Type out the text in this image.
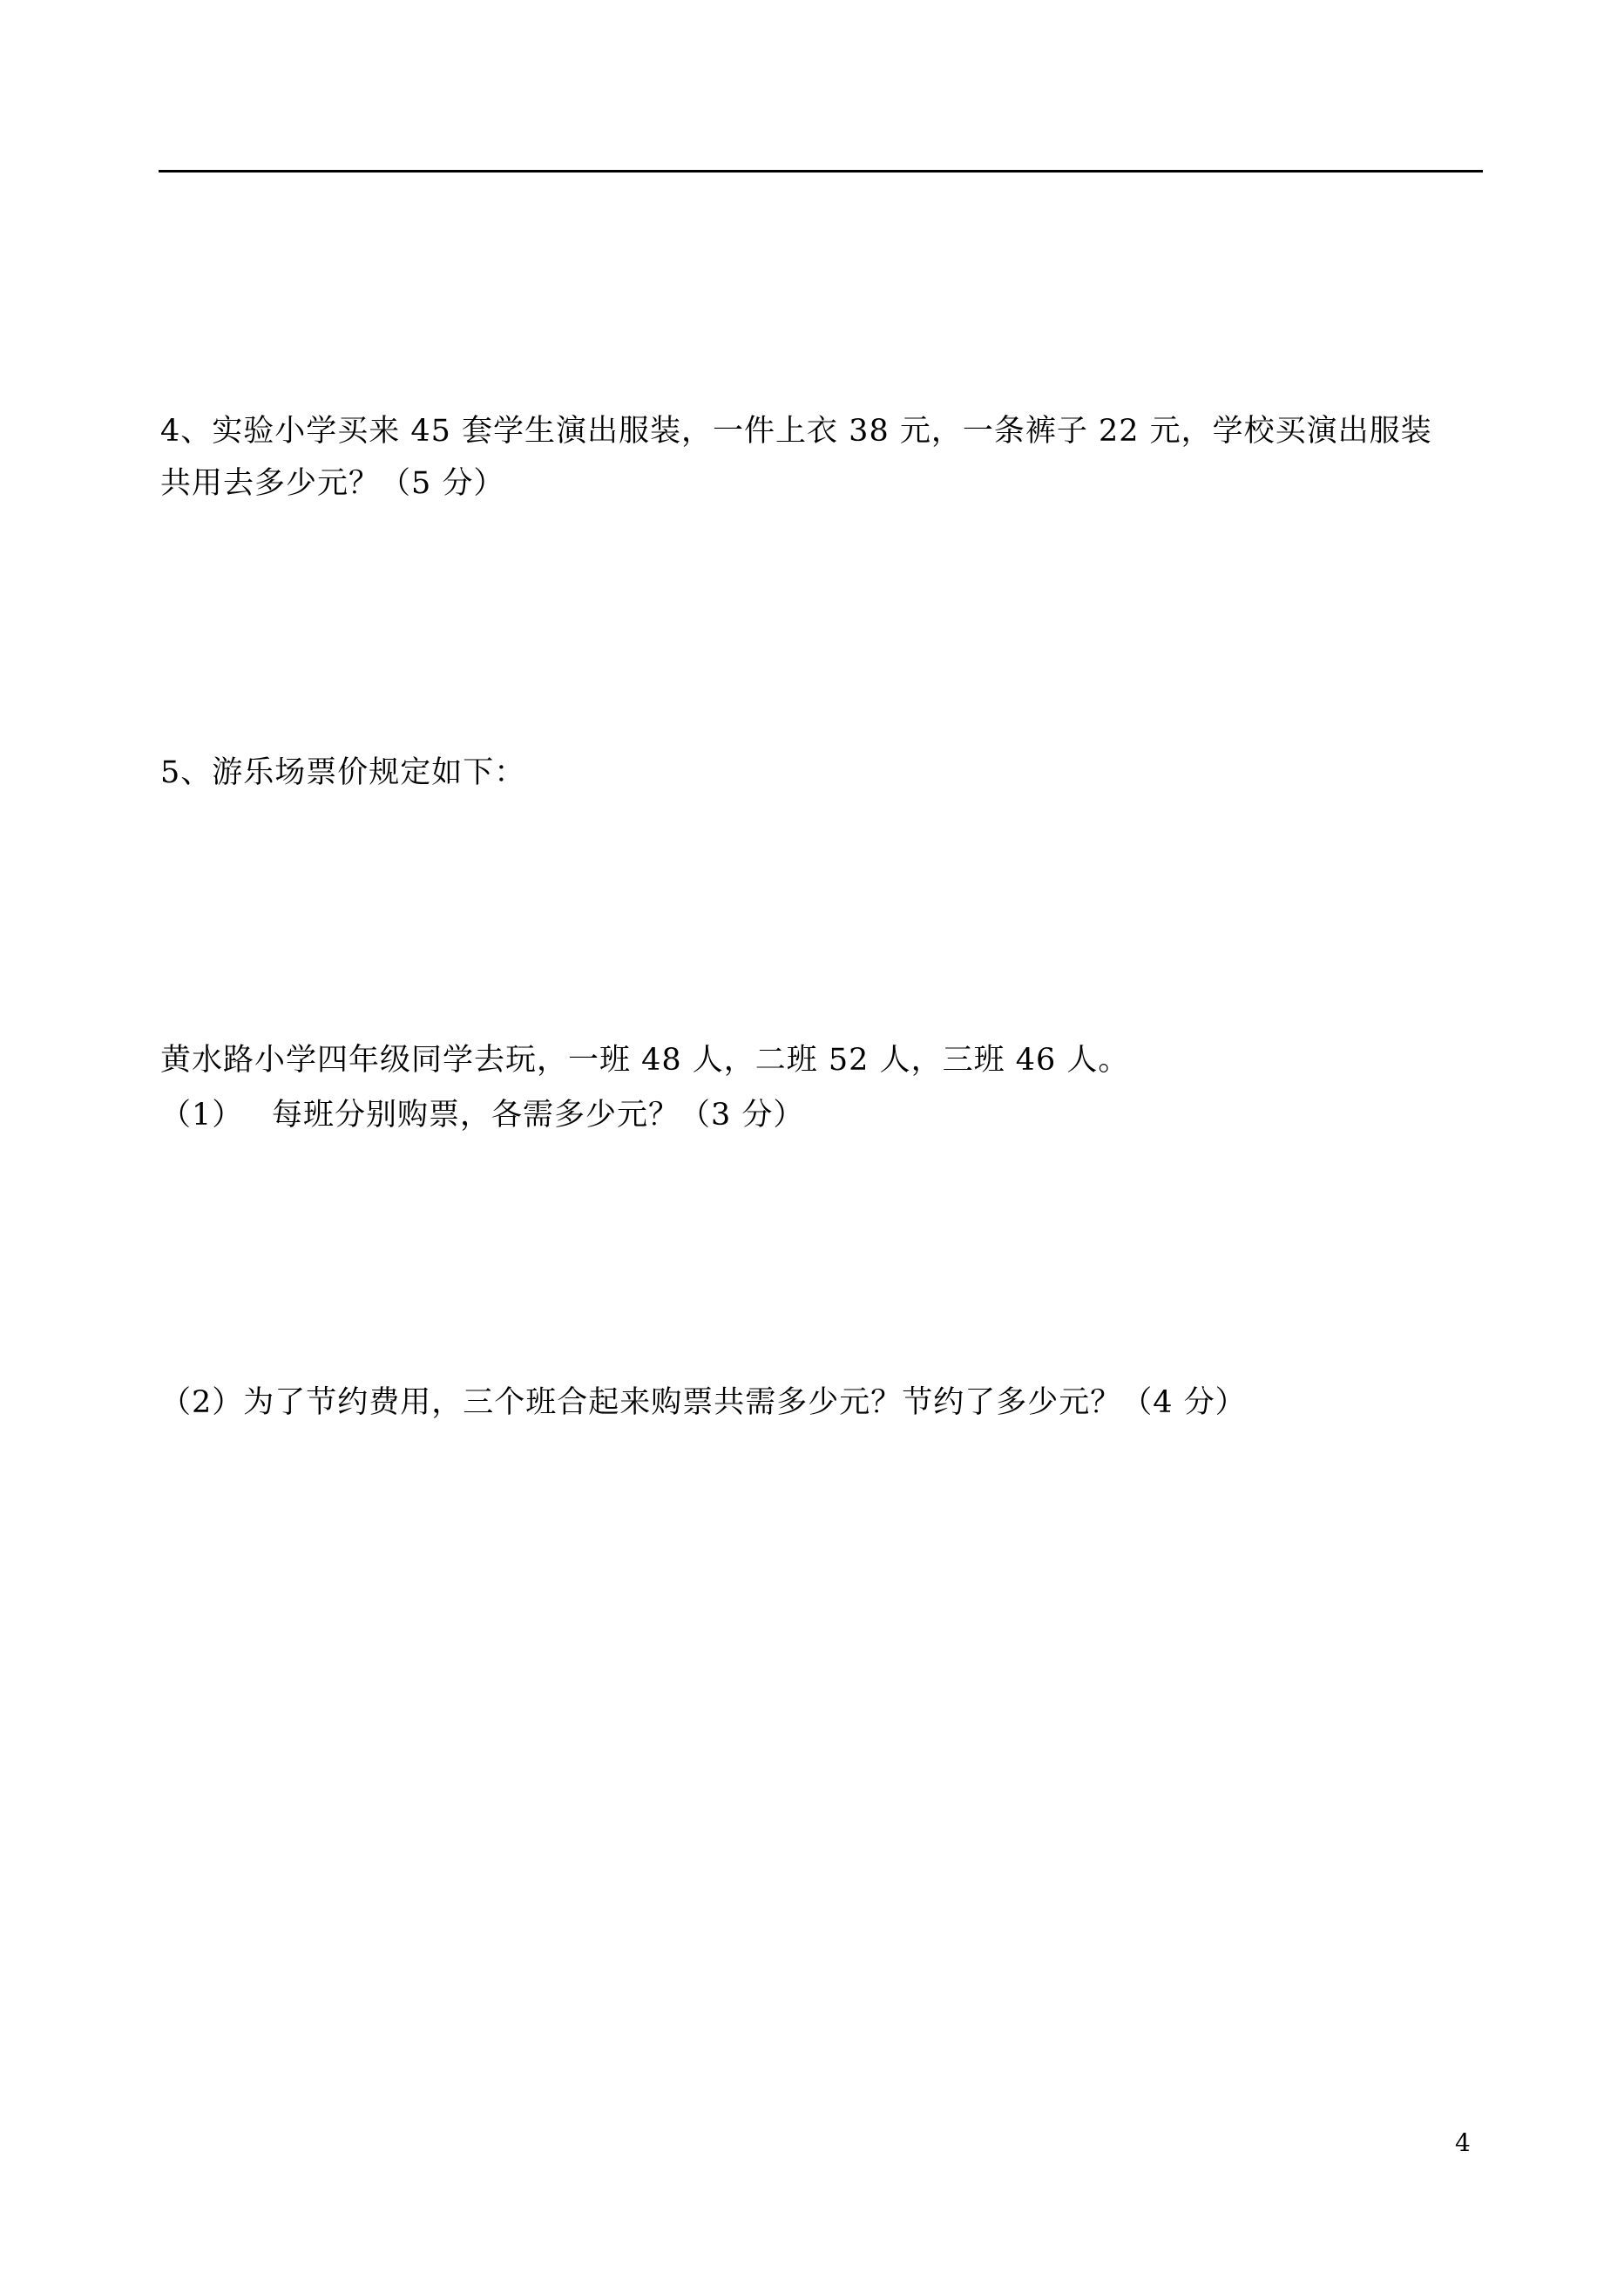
4、实验小学买来 45 套学生演出服装，一件上衣 38 元，一条裤子 22 元，学校买演出服装
共用去多少元？（5 分）
5、游乐场票价规定如下：
黄水路小学四年级同学去玩，一班 48 人，二班 52 人，三班 46 人。
（1） 每班分别购票，各需多少元？（3 分）
（2）为了节约费用，三个班合起来购票共需多少元？节约了多少元？（4 分）
4
